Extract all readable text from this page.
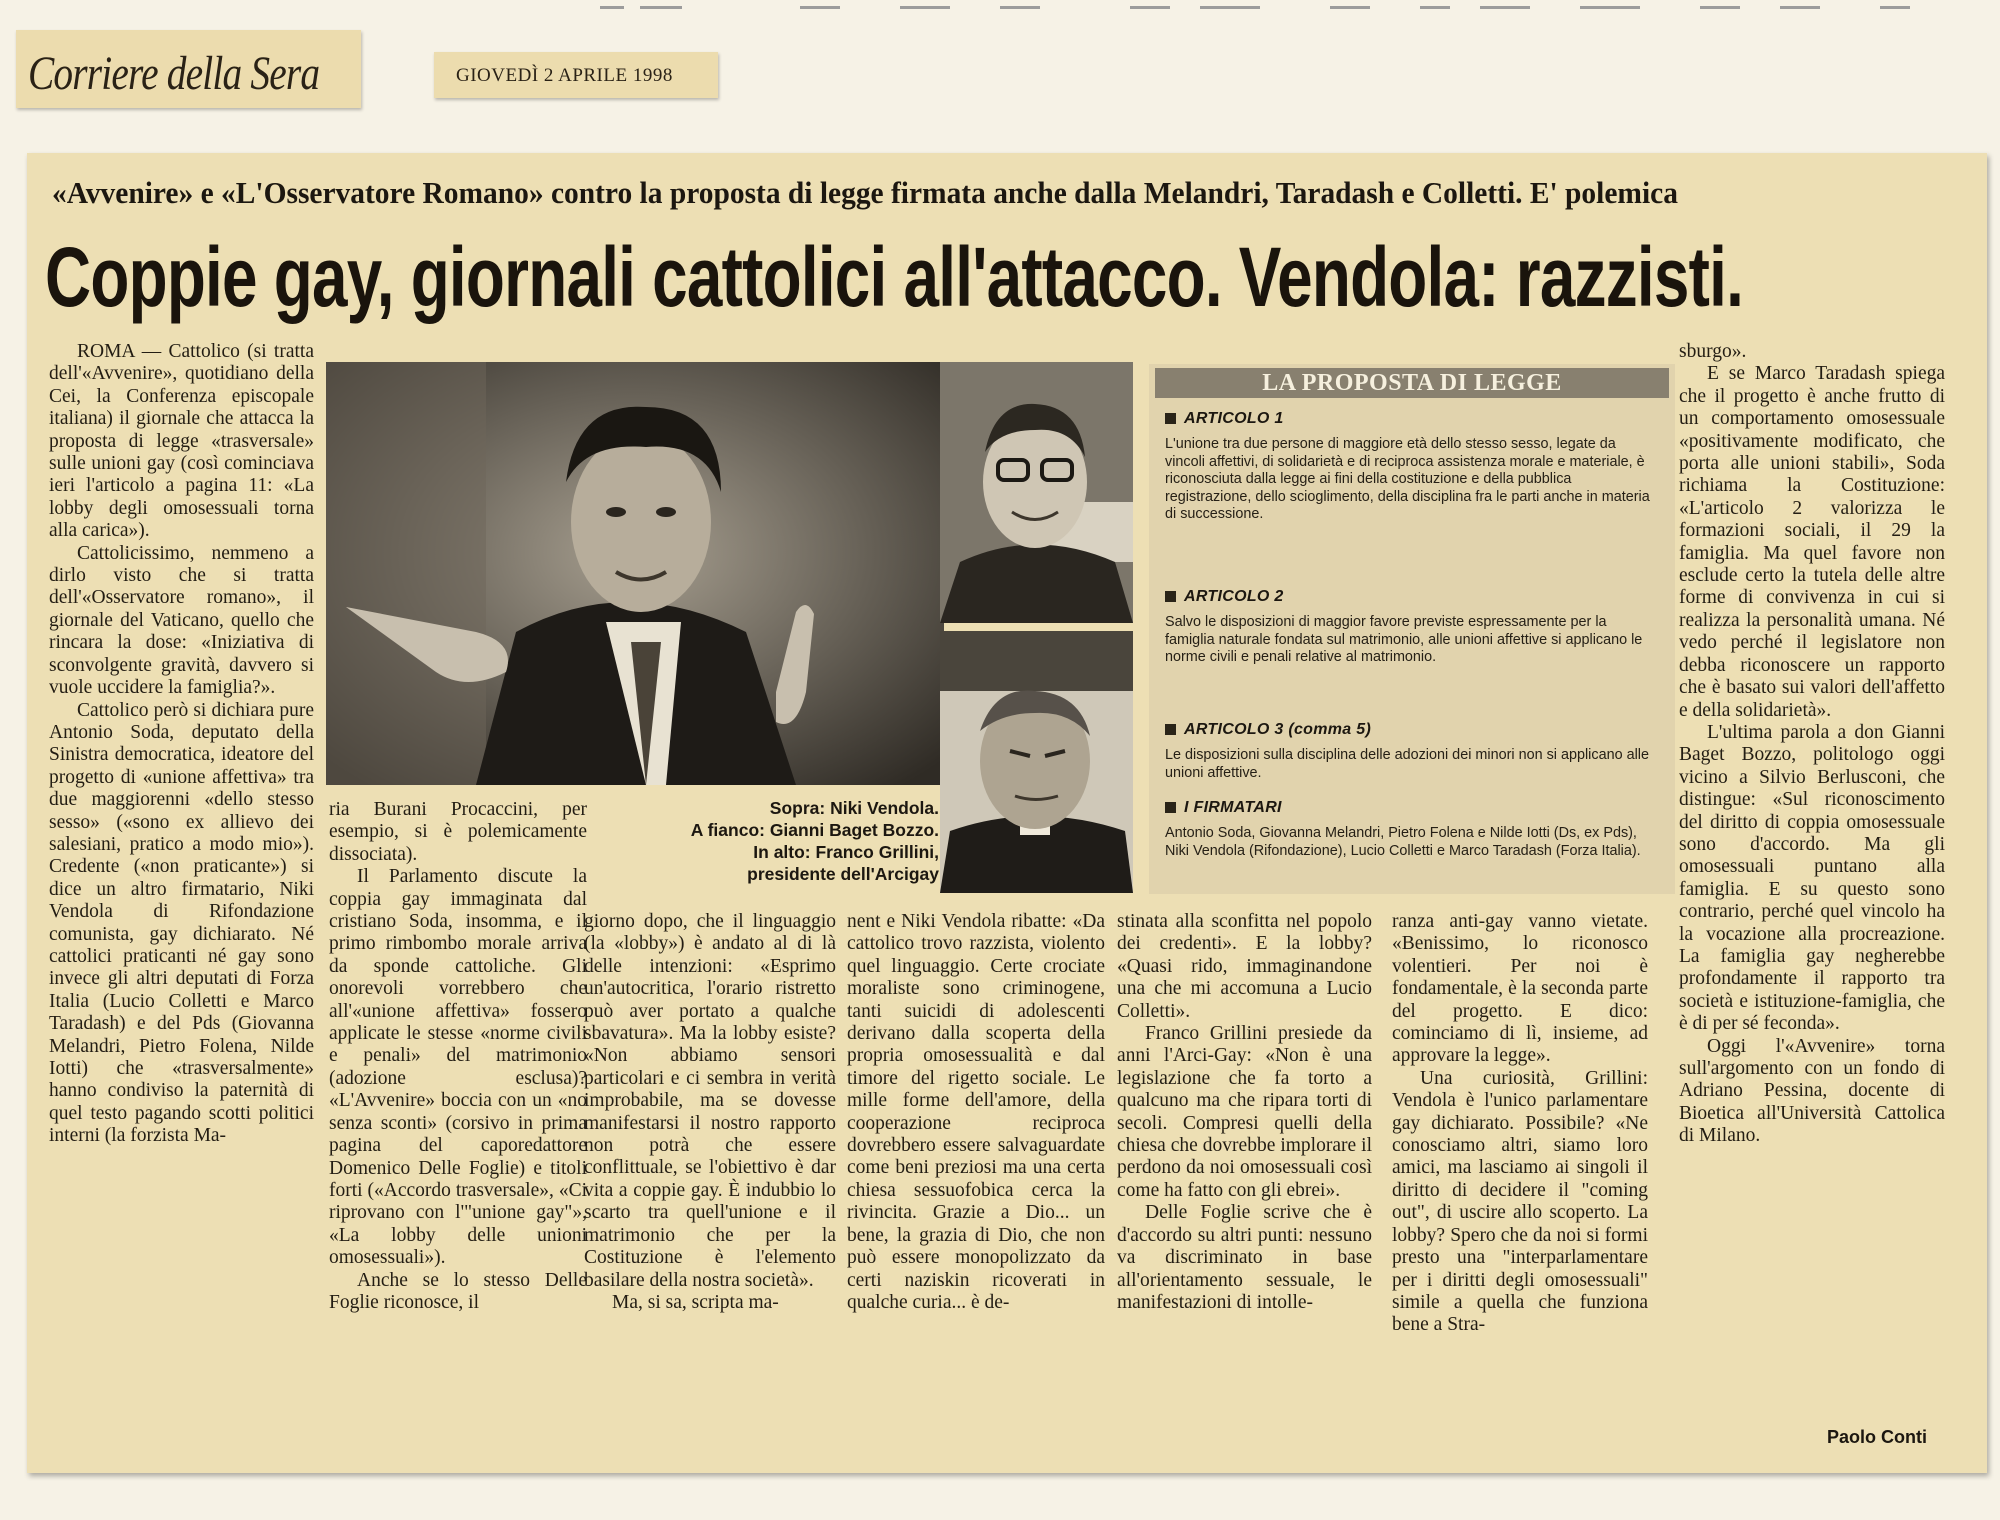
Corriere della Sera	GIOVEDÌ 2 APRILE 1998
«Avvenire» e «L'Osservatore Romano» contro la proposta di legge firmata anche dalla Melandri, Taradash e Colletti. E' polemica
Coppie gay, giornali cattolici all'attacco. Vendola: razzisti.

ROMA — Cattolico (si tratta dell'«Avvenire», quotidiano della Cei, la Conferenza episcopale italiana) il giornale che attacca la proposta di legge «trasversale» sulle unioni gay (così cominciava ieri l'articolo a pagina 11: «La lobby degli omosessuali torna alla carica»).

Cattolicissimo, nemmeno a dirlo visto che si tratta dell'«Osservatore romano», il giornale del Vaticano, quello che rincara la dose: «Iniziativa di sconvolgente gravità, davvero si vuole uccidere la famiglia?».

Cattolico però si dichiara pure Antonio Soda, deputato della Sinistra democratica, ideatore del progetto di «unione affettiva» tra due maggiorenni «dello stesso sesso» («sono ex allievo dei salesiani, pratico a modo mio»). Credente («non praticante») si dice un altro firmatario, Niki Vendola di Rifondazione comunista, gay dichiarato. Né cattolici praticanti né gay sono invece gli altri deputati di Forza Italia (Lucio Colletti e Marco Taradash) e del Pds (Giovanna Melandri, Pietro Folena, Nilde Iotti) che «trasversalmente» hanno condiviso la paternità di quel testo pagando scotti politici interni (la forzista Ma-

Sopra: Niki Vendola.
A fianco: Gianni Baget Bozzo.
In alto: Franco Grillini,
presidente dell'Arcigay

ria Burani Procaccini, per esempio, si è polemicamente dissociata).

Il Parlamento discute la coppia gay immaginata dal cristiano Soda, insomma, e il primo rimbombo morale arriva da sponde cattoliche. Gli onorevoli vorrebbero che all'«unione affettiva» fossero applicate le stesse «norme civili e penali» del matrimonio (adozione esclusa)? «L'Avvenire» boccia con un «no senza sconti» (corsivo in prima pagina del caporedattore Domenico Delle Foglie) e titoli forti («Accordo trasversale», «Ci riprovano con l'"unione gay"», «La lobby delle unioni omosessuali»).

Anche se lo stesso Delle Foglie riconosce, il

giorno dopo, che il linguaggio (la «lobby») è andato al di là delle intenzioni: «Esprimo un'autocritica, l'orario ristretto può aver portato a qualche sbavatura». Ma la lobby esiste? «Non abbiamo sensori particolari e ci sembra in verità improbabile, ma se dovesse manifestarsi il nostro rapporto non potrà che essere conflittuale, se l'obiettivo è dar vita a coppie gay. È indubbio lo scarto tra quell'unione e il matrimonio che per la Costituzione è l'elemento basilare della nostra società».

Ma, si sa, scripta ma-

nent e Niki Vendola ribatte: «Da cattolico trovo razzista, violento quel linguaggio. Certe crociate moraliste sono criminogene, tanti suicidi di adolescenti derivano dalla scoperta della propria omosessualità e dal timore del rigetto sociale. Le mille forme dell'amore, della cooperazione reciproca dovrebbero essere salvaguardate come beni preziosi ma una certa chiesa sessuofobica cerca la rivincita. Grazie a Dio... un bene, la grazia di Dio, che non può essere monopolizzato da certi naziskin ricoverati in qualche curia... è de-

stinata alla sconfitta nel popolo dei credenti». E la lobby? «Quasi rido, immaginandone una che mi accomuna a Lucio Colletti».

Franco Grillini presiede da anni l'Arci-Gay: «Non è una legislazione che fa torto a qualcuno ma che ripara torti di secoli. Compresi quelli della chiesa che dovrebbe implorare il perdono da noi omosessuali così come ha fatto con gli ebrei».

Delle Foglie scrive che è d'accordo su altri punti: nessuno va discriminato in base all'orientamento sessuale, le manifestazioni di intolle-

ranza anti-gay vanno vietate. «Benissimo, lo riconosco volentieri. Per noi è fondamentale, è la seconda parte del progetto. E dico: cominciamo di lì, insieme, ad approvare la legge».

Una curiosità, Grillini: Vendola è l'unico parlamentare gay dichiarato. Possibile? «Ne conosciamo altri, siamo loro amici, ma lasciamo ai singoli il diritto di decidere il "coming out", di uscire allo scoperto. La lobby? Spero che da noi si formi presto una "interparlamentare per i diritti degli omosessuali" simile a quella che funziona bene a Stra-

sburgo».

E se Marco Taradash spiega che il progetto è anche frutto di un comportamento omosessuale «positivamente modificato, che porta alle unioni stabili», Soda richiama la Costituzione: «L'articolo 2 valorizza le formazioni sociali, il 29 la famiglia. Ma quel favore non esclude certo la tutela delle altre forme di convivenza in cui si realizza la personalità umana. Né vedo perché il legislatore non debba riconoscere un rapporto che è basato sui valori dell'affetto e della solidarietà».

L'ultima parola a don Gianni Baget Bozzo, politologo oggi vicino a Silvio Berlusconi, che distingue: «Sul riconoscimento del diritto di coppia omosessuale sono d'accordo. Ma gli omosessuali puntano alla famiglia. E su questo sono contrario, perché quel vincolo ha la vocazione alla procreazione. La famiglia gay negherebbe profondamente il rapporto tra società e istituzione-famiglia, che è di per sé feconda».

Oggi l'«Avvenire» torna sull'argomento con un fondo di Adriano Pessina, docente di Bioetica all'Università Cattolica di Milano.

LA PROPOSTA DI LEGGE
ARTICOLO 1
L'unione tra due persone di maggiore età dello stesso sesso, legate da vincoli affettivi, di solidarietà e di reciproca assistenza morale e materiale, è riconosciuta dalla legge ai fini della costituzione e della pubblica registrazione, dello scioglimento, della disciplina fra le parti anche in materia di successione.
ARTICOLO 2
Salvo le disposizioni di maggior favore previste espressamente per la famiglia naturale fondata sul matrimonio, alle unioni affettive si applicano le norme civili e penali relative al matrimonio.
ARTICOLO 3 (comma 5)
Le disposizioni sulla disciplina delle adozioni dei minori non si applicano alle unioni affettive.
I FIRMATARI
Antonio Soda, Giovanna Melandri, Pietro Folena e Nilde Iotti (Ds, ex Pds), Niki Vendola (Rifondazione), Lucio Colletti e Marco Taradash (Forza Italia).
Paolo Conti
